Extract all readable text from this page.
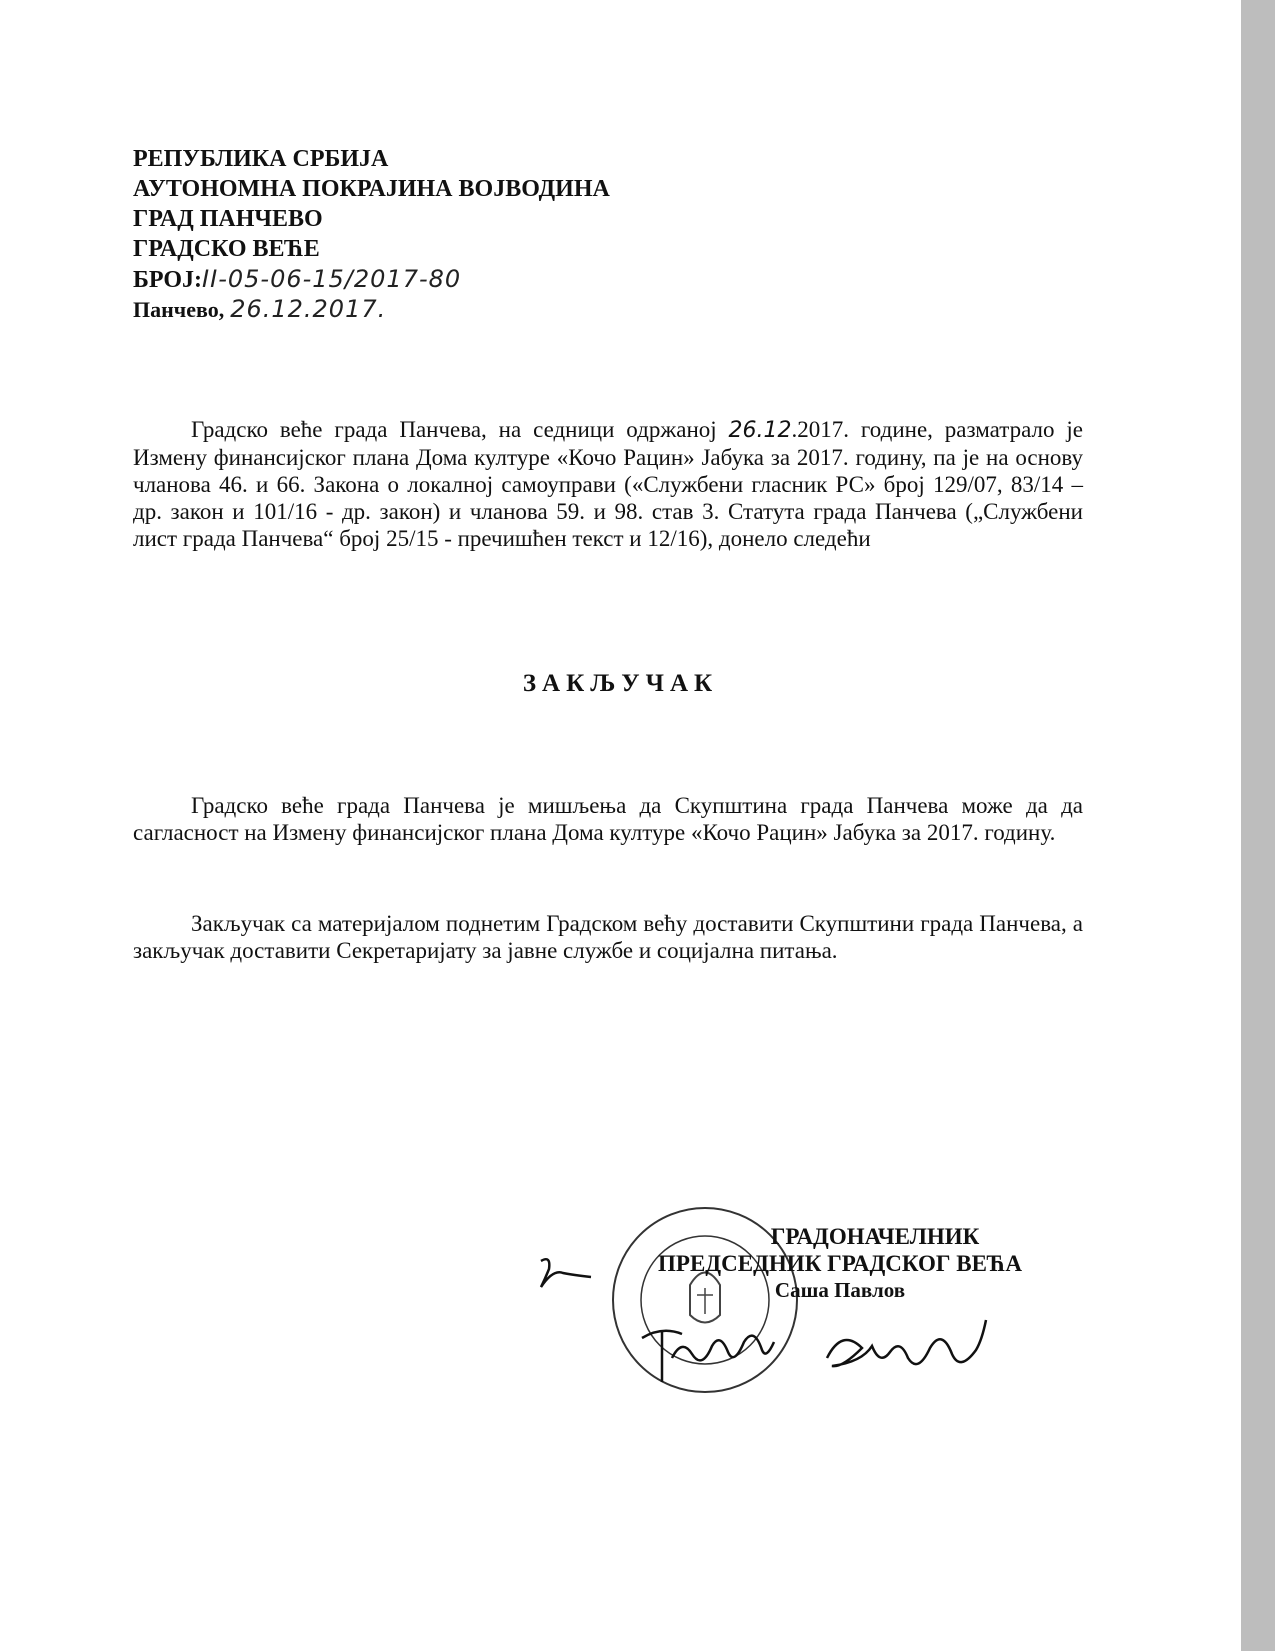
РЕПУБЛИКА СРБИЈА
АУТОНОМНА ПОКРАЈИНА ВОЈВОДИНА
ГРАД ПАНЧЕВО
ГРАДСКО ВЕЋЕ
БРОЈ:II-05-06-15/2017-80
Панчево, 26.12.2017.
Градско веће града Панчева, на седници одржаној 26.12.2017. године, разматрало је Измену финансијског плана Дома културе «Кочо Рацин» Јабука за 2017. годину, па је на основу чланова 46. и 66. Закона о локалној самоуправи («Службени гласник РС» број 129/07, 83/14 – др. закон и 101/16 - др. закон) и чланова 59. и 98. став 3. Статута града Панчева („Службени лист града Панчева“ број 25/15 - пречишћен текст и 12/16), донело следећи
ЗАКЉУЧАК
Градско веће града Панчева је мишљења да Скупштина града Панчева може да да сагласност на Измену финансијског плана Дома културе «Кочо Рацин» Јабука за 2017. годину.
Закључак са материјалом поднетим Градском већу доставити Скупштини града Панчева, а закључак доставити Секретаријату за јавне службе и социјална питања.
ГРАДОНАЧЕЛНИК
ПРЕДСЕДНИК ГРАДСКОГ ВЕЋА
Саша Павлов
